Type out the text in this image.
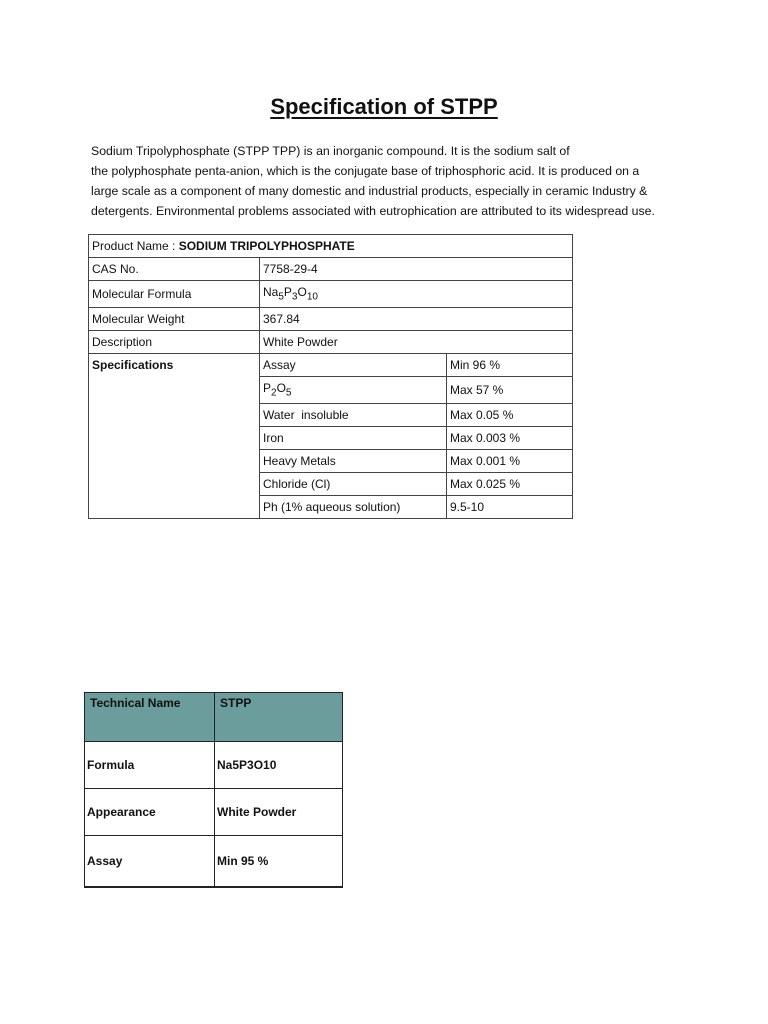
Specification of STPP

Sodium Tripolyphosphate (STPP TPP) is an inorganic compound. It is the sodium salt of
the polyphosphate penta-anion, which is the conjugate base of triphosphoric acid. It is produced on a
large scale as a component of many domestic and industrial products, especially in ceramic Industry &
detergents. Environmental problems associated with eutrophication are attributed to its widespread use.

Product Name : SODIUM TRIPOLYPHOSPHATE		
CAS No.	7758-29-4	
Molecular Formula	$Na_5P_3O_{10}$
Molecular Weight	367.84	
Description	White Powder	
Specifications	Assay	Min 96 %
	$P_2O_5$	Max 57 %
	Water  insoluble	Max 0.05 %
	Iron	Max 0.003 %
	Heavy Metals	Max 0.001 %
	Chloride (Cl)	Max 0.025 %
	Ph (1% aqueous solution)	9.5-10
Technical Name	STPP
Formula	Na5P3O10
Appearance	White Powder
Assay	Min 95 %
